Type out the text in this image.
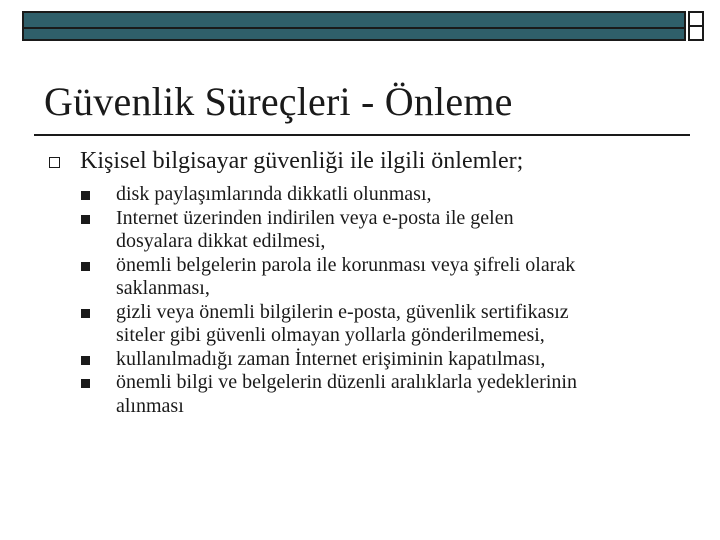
Güvenlik Süreçleri - Önleme
Kişisel bilgisayar güvenliği ile ilgili önlemler;
disk paylaşımlarında dikkatli olunması,
Internet üzerinden indirilen veya e-posta ile gelen
dosyalara dikkat edilmesi,
önemli belgelerin parola ile korunması veya şifreli olarak
saklanması,
gizli veya önemli bilgilerin e-posta, güvenlik sertifikasız
siteler gibi güvenli olmayan yollarla gönderilmemesi,
kullanılmadığı zaman İnternet erişiminin kapatılması,
önemli bilgi ve belgelerin düzenli aralıklarla yedeklerinin
alınması
